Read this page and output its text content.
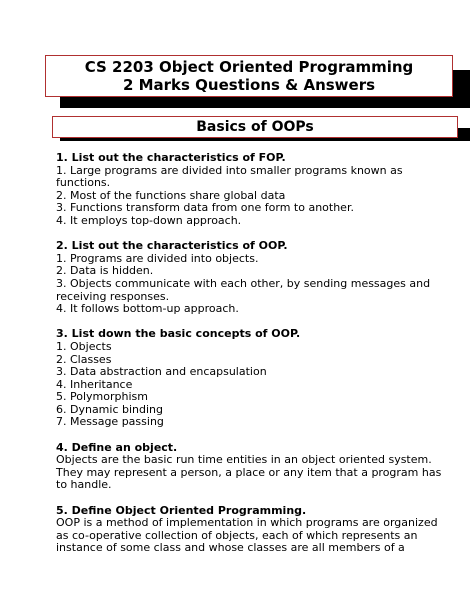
CS 2203 Object Oriented Programming
2 Marks Questions & Answers
Basics of OOPs
1. List out the characteristics of FOP.
1. Large programs are divided into smaller programs known as
functions.
2. Most of the functions share global data
3. Functions transform data from one form to another.
4. It employs top-down approach.
2. List out the characteristics of OOP.
1. Programs are divided into objects.
2. Data is hidden.
3. Objects communicate with each other, by sending messages and
receiving responses.
4. It follows bottom-up approach.
3. List down the basic concepts of OOP.
1. Objects
2. Classes
3. Data abstraction and encapsulation
4. Inheritance
5. Polymorphism
6. Dynamic binding
7. Message passing
4. Define an object.
Objects are the basic run time entities in an object oriented system.
They may represent a person, a place or any item that a program has
to handle.
5. Define Object Oriented Programming.
OOP is a method of implementation in which programs are organized
as co-operative collection of objects, each of which represents an
instance of some class and whose classes are all members of a
